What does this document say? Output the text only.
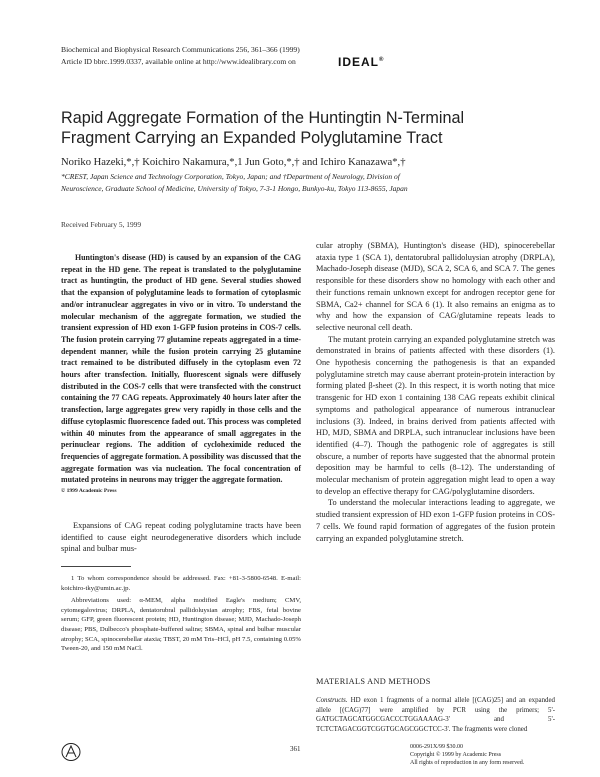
Biochemical and Biophysical Research Communications 256, 361–366 (1999)
Article ID bbrc.1999.0337, available online at http://www.idealibrary.com on	IDEAL®
Rapid Aggregate Formation of the Huntingtin N-Terminal
Fragment Carrying an Expanded Polyglutamine Tract
Noriko Hazeki,*,† Koichiro Nakamura,*,1 Jun Goto,*,† and Ichiro Kanazawa*,†
*CREST, Japan Science and Technology Corporation, Tokyo, Japan; and †Department of Neurology, Division of
Neuroscience, Graduate School of Medicine, University of Tokyo, 7-3-1 Hongo, Bunkyo-ku, Tokyo 113-8655, Japan
Received February 5, 1999

Huntington's disease (HD) is caused by an expansion of the CAG repeat in the HD gene. The repeat is translated to the polyglutamine tract as huntingtin, the product of HD gene. Several studies showed that the expansion of polyglutamine leads to formation of cytoplasmic and/or intranuclear aggregates in vivo or in vitro. To understand the molecular mechanism of the aggregate formation, we studied the transient expression of HD exon 1-GFP fusion proteins in COS-7 cells. The fusion protein carrying 77 glutamine repeats aggregated in a time-dependent manner, while the fusion protein carrying 25 glutamine tract remained to be distributed diffusely in the cytoplasm even 72 hours after transfection. Initially, fluorescent signals were diffusely distributed in the COS-7 cells that were transfected with the construct containing the 77 CAG repeats. Approximately 40 hours later after the transfection, large aggregates grew very rapidly in those cells and the diffuse cytoplasmic fluorescence faded out. This process was completed within 40 minutes from the appearance of small aggregates in the perinuclear regions. The addition of cycloheximide reduced the frequencies of aggregate formation. A possibility was discussed that the aggregate formation was via nucleation. The focal concentration of mutated proteins in neurons may trigger the aggregate formation.

© 1999 Academic Press

Expansions of CAG repeat coding polyglutamine tracts have been identified to cause eight neurodegenerative disorders which include spinal and bulbar mus-

1 To whom correspondence should be addressed. Fax: +81-3-5800-6548. E-mail: koichiro-tky@umin.ac.jp.

Abbreviations used: α-MEM, alpha modified Eagle's medium; CMV, cytomegalovirus; DRPLA, dentatorubral pallidoluysian atrophy; FBS, fetal bovine serum; GFP, green fluorescent protein; HD, Huntington disease; MJD, Machado-Joseph disease; PBS, Dulbecco's phosphate-buffered saline; SBMA, spinal and bulbar muscular atrophy; SCA, spinocerebellar ataxia; TBST, 20 mM Tris–HCl, pH 7.5, containing 0.05% Tween-20, and 150 mM NaCl.

cular atrophy (SBMA), Huntington's disease (HD), spinocerebellar ataxia type 1 (SCA 1), dentatorubral pallidoluysian atrophy (DRPLA), Machado-Joseph disease (MJD), SCA 2, SCA 6, and SCA 7. The genes responsible for these disorders show no homology with each other and their functions remain unknown except for androgen receptor gene for SBMA, Ca2+ channel for SCA 6 (1). It also remains an enigma as to why and how the expansion of CAG/glutamine repeats leads to selective neuronal cell death.

The mutant protein carrying an expanded polyglutamine stretch was demonstrated in brains of patients affected with these disorders (1). One hypothesis concerning the pathogenesis is that an expanded polyglutamine stretch may cause aberrant protein-protein interaction by forming plated β-sheet (2). In this respect, it is worth noting that mice transgenic for HD exon 1 containing 138 CAG repeats exhibit clinical symptoms and pathological appearance of numerous intranuclear inclusions (3). Indeed, in brains derived from patients affected with HD, MJD, SBMA and DRPLA, such intranuclear inclusions have been identified (4–7). Though the pathogenic role of aggregates is still obscure, a number of reports have suggested that the abnormal protein deposition may be harmful to cells (8–12). The understanding of molecular mechanism of protein aggregation might lead to open a way to develop an effective therapy for CAG/polyglutamine disorders.

To understand the molecular interactions leading to aggregate, we studied transient expression of HD exon 1-GFP fusion proteins in COS-7 cells. We found rapid formation of aggregates of the fusion protein carrying an expanded polyglutamine stretch.

MATERIALS AND METHODS
Constructs. HD exon 1 fragments of a normal allele [(CAG)25] and an expanded allele [(CAG)77] were amplified by PCR using the primers; 5'-GATGCTAGCATGGCGACCCTGGAAAAG-3' and 5'-TCTCTAGACGGTCGGTGCAGCGGCTCC-3'. The fragments were cloned
361	0006-291X/99 $30.00
Copyright © 1999 by Academic Press
All rights of reproduction in any form reserved.
